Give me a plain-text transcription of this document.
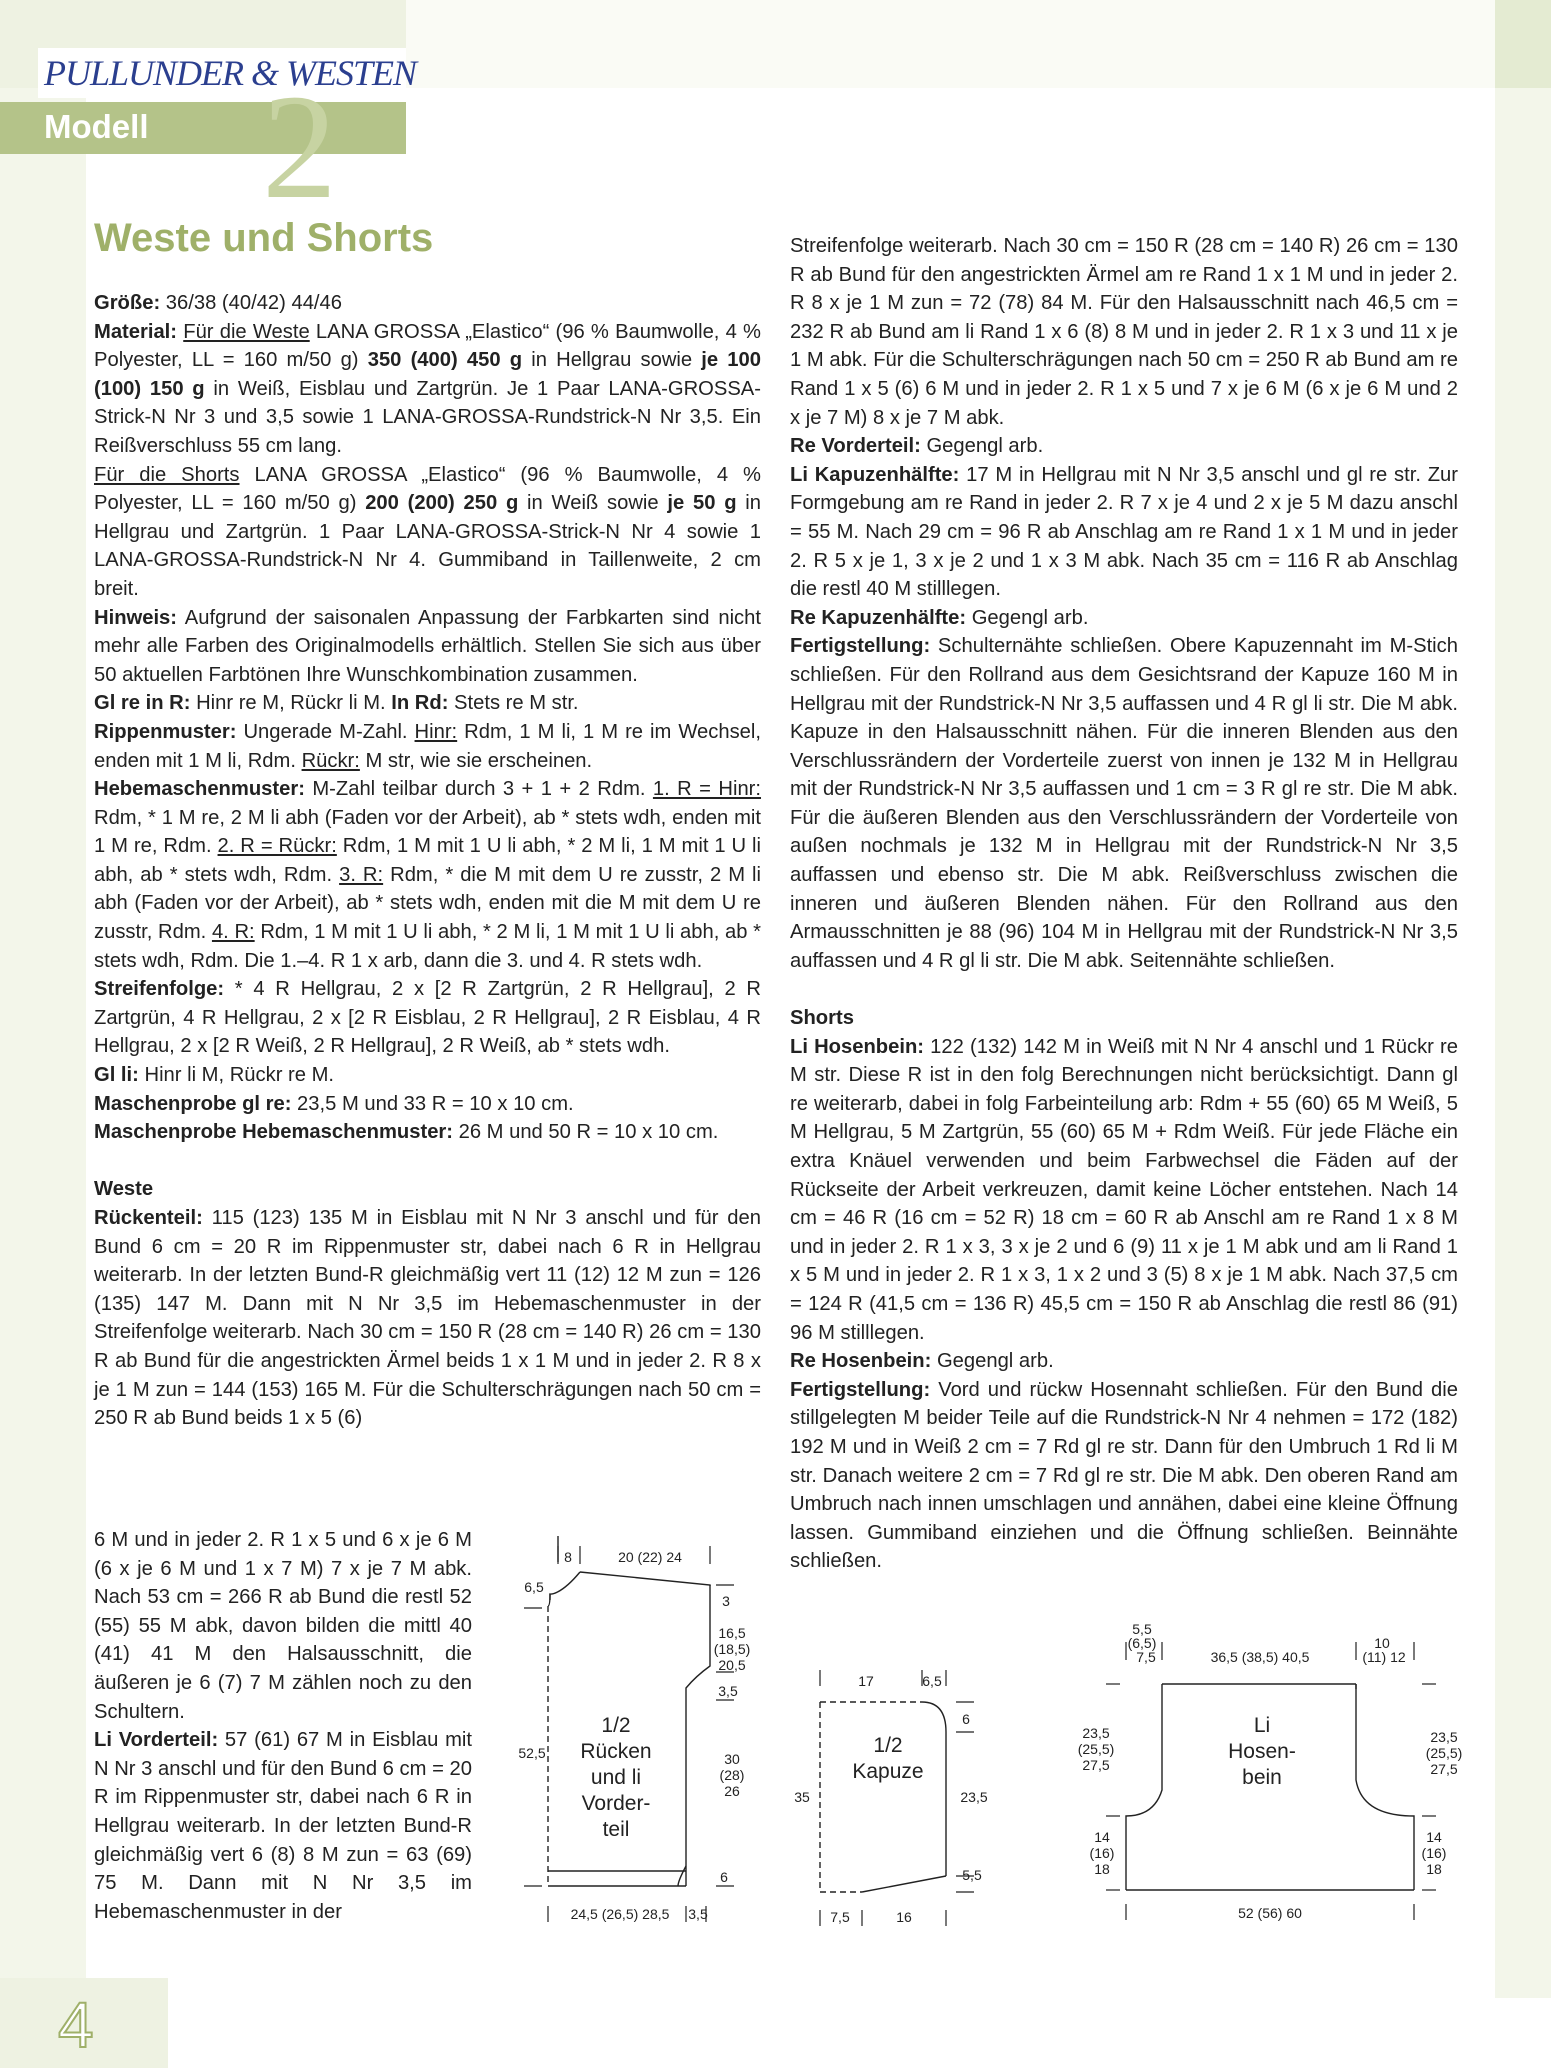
PULLUNDER & WESTEN
2
Modell
Weste und Shorts

Größe: 36/38 (40/42) 44/46

Material: Für die Weste LANA GROSSA „Elastico“ (96 % Baumwolle, 4 % Polyester, LL = 160 m/50 g) 350 (400) 450 g in Hellgrau sowie je 100 (100) 150 g in Weiß, Eisblau und Zartgrün. Je 1 Paar LANA-GROSSA-Strick-N Nr 3 und 3,5 sowie 1 LANA-GROSSA-Rundstrick-N Nr 3,5. Ein Reißverschluss 55 cm lang.

Für die Shorts LANA GROSSA „Elastico“ (96 % Baumwolle, 4 % Polyester, LL = 160 m/50 g) 200 (200) 250 g in Weiß sowie je 50 g in Hellgrau und Zartgrün. 1 Paar LANA-GROSSA-Strick-N Nr 4 sowie 1 LANA-GROSSA-Rundstrick-N Nr 4. Gummiband in Taillenweite, 2 cm breit.

Hinweis: Aufgrund der saisonalen Anpassung der Farbkarten sind nicht mehr alle Farben des Originalmodells erhältlich. Stellen Sie sich aus über 50 aktuellen Farbtönen Ihre Wunschkombination zusammen.

Gl re in R: Hinr re M, Rückr li M. In Rd: Stets re M str.

Rippenmuster: Ungerade M-Zahl. Hinr: Rdm, 1 M li, 1 M re im Wechsel, enden mit 1 M li, Rdm. Rückr: M str, wie sie erscheinen.

Hebemaschenmuster: M-Zahl teilbar durch 3 + 1 + 2 Rdm. 1. R = Hinr: Rdm, * 1 M re, 2 M li abh (Faden vor der Arbeit), ab * stets wdh, enden mit 1 M re, Rdm. 2. R = Rückr: Rdm, 1 M mit 1 U li abh, * 2 M li, 1 M mit 1 U li abh, ab * stets wdh, Rdm. 3. R: Rdm, * die M mit dem U re zusstr, 2 M li abh (Faden vor der Arbeit), ab * stets wdh, enden mit die M mit dem U re zusstr, Rdm. 4. R: Rdm, 1 M mit 1 U li abh, * 2 M li, 1 M mit 1 U li abh, ab * stets wdh, Rdm. Die 1.–4. R 1 x arb, dann die 3. und 4. R stets wdh.

Streifenfolge: * 4 R Hellgrau, 2 x [2 R Zartgrün, 2 R Hellgrau], 2 R Zartgrün, 4 R Hellgrau, 2 x [2 R Eisblau, 2 R Hellgrau], 2 R Eisblau, 4 R Hellgrau, 2 x [2 R Weiß, 2 R Hellgrau], 2 R Weiß, ab * stets wdh.

Gl li: Hinr li M, Rückr re M.

Maschenprobe gl re: 23,5 M und 33 R = 10 x 10 cm.

Maschenprobe Hebemaschenmuster: 26 M und 50 R = 10 x 10 cm.

Weste

Rückenteil: 115 (123) 135 M in Eisblau mit N Nr 3 anschl und für den Bund 6 cm = 20 R im Rippenmuster str, dabei nach 6 R in Hellgrau weiterarb. In der letzten Bund-R gleichmäßig vert 11 (12) 12 M zun = 126 (135) 147 M. Dann mit N Nr 3,5 im Hebemaschenmuster in der Streifenfolge weiterarb. Nach 30 cm = 150 R (28 cm = 140 R) 26 cm = 130 R ab Bund für die angestrickten Ärmel beids 1 x 1 M und in jeder 2. R 8 x je 1 M zun = 144 (153) 165 M. Für die Schulterschrägungen nach 50 cm = 250 R ab Bund beids 1 x 5 (6)

6 M und in jeder 2. R 1 x 5 und 6 x je 6 M (6 x je 6 M und 1 x 7 M) 7 x je 7 M abk. Nach 53 cm = 266 R ab Bund die restl 52 (55) 55 M abk, davon bilden die mittl 40 (41) 41 M den Halsausschnitt, die äußeren je 6 (7) 7 M zählen noch zu den Schultern.

Li Vorderteil: 57 (61) 67 M in Eisblau mit N Nr 3 anschl und für den Bund 6 cm = 20 R im Rippenmuster str, dabei nach 6 R in Hellgrau weiterarb. In der letzten Bund-R gleichmäßig vert 6 (8) 8 M zun = 63 (69) 75 M. Dann mit N Nr 3,5 im Hebemaschenmuster in der

Streifenfolge weiterarb. Nach 30 cm = 150 R (28 cm = 140 R) 26 cm = 130 R ab Bund für den angestrickten Ärmel am re Rand 1 x 1 M und in jeder 2. R 8 x je 1 M zun = 72 (78) 84 M. Für den Halsausschnitt nach 46,5 cm = 232 R ab Bund am li Rand 1 x 6 (8) 8 M und in jeder 2. R 1 x 3 und 11 x je 1 M abk. Für die Schulterschrägungen nach 50 cm = 250 R ab Bund am re Rand 1 x 5 (6) 6 M und in jeder 2. R 1 x 5 und 7 x je 6 M (6 x je 6 M und 2 x je 7 M) 8 x je 7 M abk.

Re Vorderteil: Gegengl arb.

Li Kapuzenhälfte: 17 M in Hellgrau mit N Nr 3,5 anschl und gl re str. Zur Formgebung am re Rand in jeder 2. R 7 x je 4 und 2 x je 5 M dazu anschl = 55 M. Nach 29 cm = 96 R ab Anschlag am re Rand 1 x 1 M und in jeder 2. R 5 x je 1, 3 x je 2 und 1 x 3 M abk. Nach 35 cm = 116 R ab Anschlag die restl 40 M stilllegen.

Re Kapuzenhälfte: Gegengl arb.

Fertigstellung: Schulternähte schließen. Obere Kapuzennaht im M-Stich schließen. Für den Rollrand aus dem Gesichtsrand der Kapuze 160 M in Hellgrau mit der Rundstrick-N Nr 3,5 auffassen und 4 R gl li str. Die M abk. Kapuze in den Halsausschnitt nähen. Für die inneren Blenden aus den Verschlussrändern der Vorderteile zuerst von innen je 132 M in Hellgrau mit der Rundstrick-N Nr 3,5 auffassen und 1 cm = 3 R gl re str. Die M abk. Für die äußeren Blenden aus den Verschlussrändern der Vorderteile von außen nochmals je 132 M in Hellgrau mit der Rundstrick-N Nr 3,5 auffassen und ebenso str. Die M abk. Reißverschluss zwischen die inneren und äußeren Blenden nähen. Für den Rollrand aus den Armausschnitten je 88 (96) 104 M in Hellgrau mit der Rundstrick-N Nr 3,5 auffassen und 4 R gl li str. Die M abk. Seitennähte schließen.

Shorts

Li Hosenbein: 122 (132) 142 M in Weiß mit N Nr 4 anschl und 1 Rückr re M str. Diese R ist in den folg Berechnungen nicht berücksichtigt. Dann gl re weiterarb, dabei in folg Farbeinteilung arb: Rdm + 55 (60) 65 M Weiß, 5 M Hellgrau, 5 M Zartgrün, 55 (60) 65 M + Rdm Weiß. Für jede Fläche ein extra Knäuel verwenden und beim Farbwechsel die Fäden auf der Rückseite der Arbeit verkreuzen, damit keine Löcher entstehen. Nach 14 cm = 46 R (16 cm = 52 R) 18 cm = 60 R ab Anschl am re Rand 1 x 8 M und in jeder 2. R 1 x 3, 3 x je 2 und 6 (9) 11 x je 1 M abk und am li Rand 1 x 5 M und in jeder 2. R 1 x 3, 1 x 2 und 3 (5) 8 x je 1 M abk. Nach 37,5 cm = 124 R (41,5 cm = 136 R) 45,5 cm = 150 R ab Anschlag die restl 86 (91) 96 M stilllegen.

Re Hosenbein: Gegengl arb.

Fertigstellung: Vord und rückw Hosennaht schließen. Für den Bund die stillgelegten M beider Teile auf die Rundstrick-N Nr 4 nehmen = 172 (182) 192 M und in Weiß 2 cm = 7 Rd gl re str. Dann für den Umbruch 1 Rd li M str. Danach weitere 2 cm = 7 Rd gl re str. Die M abk. Den oberen Rand am Umbruch nach innen umschlagen und annähen, dabei eine kleine Öffnung lassen. Gummiband einziehen und die Öffnung schließen. Beinnähte schließen.

8	20 (22) 24
6,5
3
16,5
(18,5)
20,5
3,5
52,5	30
(28)
26
6
24,5 (26,5) 28,5 3,5
1/2
Rücken
und li
Vorder-
teil
17	6,5
6
35	23,5
5,5
7,5	16
1/2
Kapuze
5,5
(6,5)
7,5	36,5 (38,5) 40,5
10
(11) 12
23,5
(25,5)
27,5
23,5
(25,5)
27,5
14
(16)
18
14
(16)
18
52 (56) 60
Li
Hosen-
bein
4
